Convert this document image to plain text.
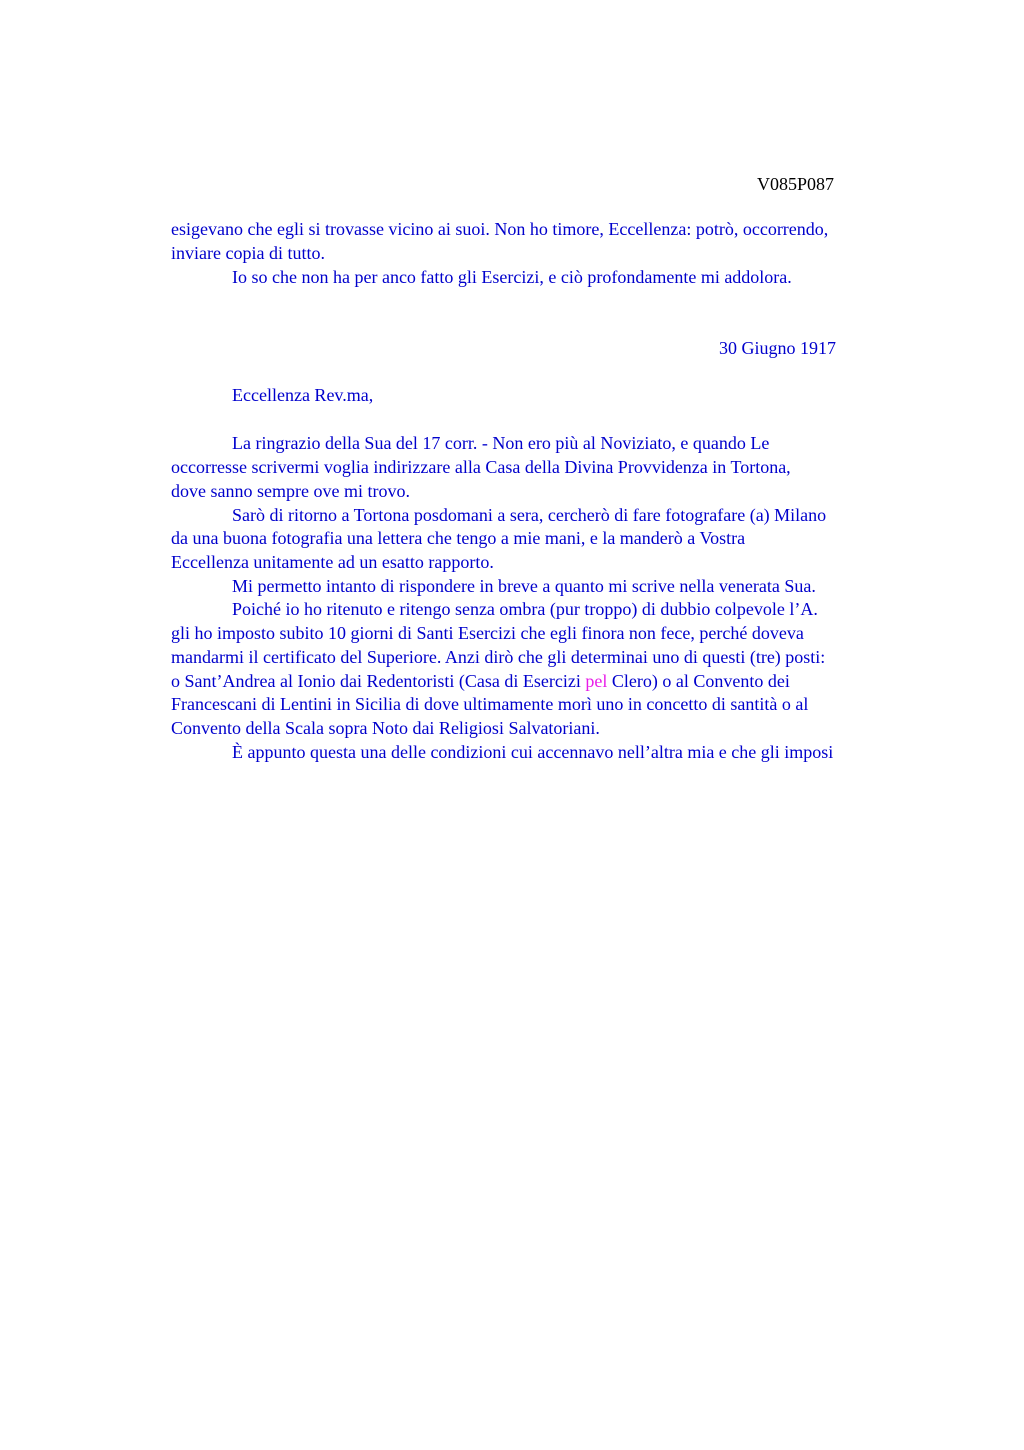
V085P087
esigevano che egli si trovasse vicino ai suoi. Non ho timore, Eccellenza: potrò, occorrendo,
inviare copia di tutto.
Io so che non ha per anco fatto gli Esercizi, e ciò profondamente mi addolora.
30 Giugno 1917
Eccellenza Rev.ma,
La ringrazio della Sua del 17 corr. - Non ero più al Noviziato, e quando Le
occorresse scrivermi voglia indirizzare alla Casa della Divina Provvidenza in Tortona,
dove sanno sempre ove mi trovo.
Sarò di ritorno a Tortona posdomani a sera, cercherò di fare fotografare (a) Milano
da una buona fotografia una lettera che tengo a mie mani, e la manderò a Vostra
Eccellenza unitamente ad un esatto rapporto.
Mi permetto intanto di rispondere in breve a quanto mi scrive nella venerata Sua.
Poiché io ho ritenuto e ritengo senza ombra (pur troppo) di dubbio colpevole l’A.
gli ho imposto subito 10 giorni di Santi Esercizi che egli finora non fece, perché doveva
mandarmi il certificato del Superiore. Anzi dirò che gli determinai uno di questi (tre) posti:
o Sant’Andrea al Ionio dai Redentoristi (Casa di Esercizi pel Clero) o al Convento dei
Francescani di Lentini in Sicilia di dove ultimamente morì uno in concetto di santità o al
Convento della Scala sopra Noto dai Religiosi Salvatoriani.
È appunto questa una delle condizioni cui accennavo nell’altra mia e che gli imposi
